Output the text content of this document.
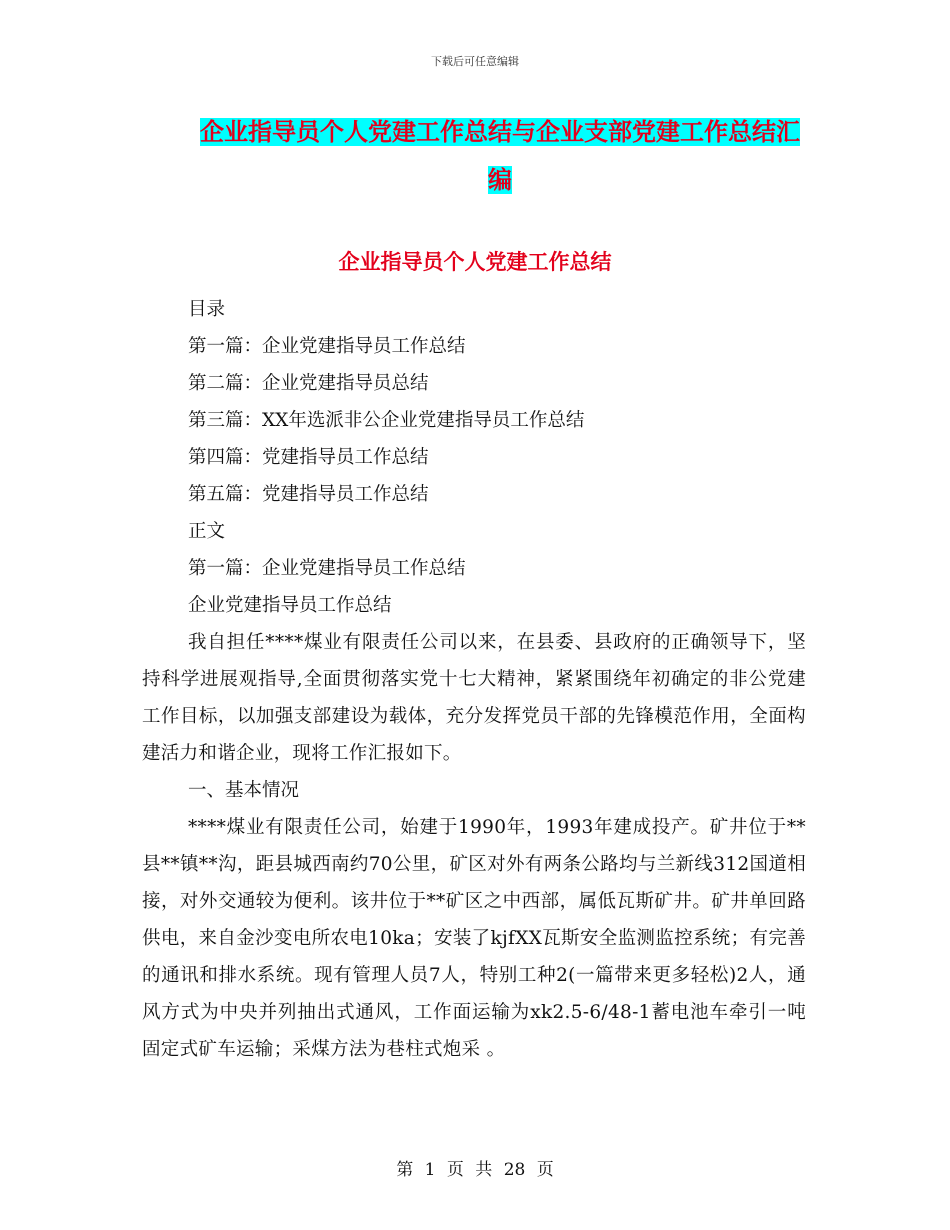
下载后可任意编辑
企业指导员个人党建工作总结与企业支部党建工作总结汇编
企业指导员个人党建工作总结

目录

第一篇：企业党建指导员工作总结

第二篇：企业党建指导员总结

第三篇：XX年选派非公企业党建指导员工作总结

第四篇：党建指导员工作总结

第五篇：党建指导员工作总结

正文

第一篇：企业党建指导员工作总结

企业党建指导员工作总结

我自担任****煤业有限责任公司以来，在县委、县政府的正确领导下，坚持科学进展观指导,全面贯彻落实党十七大精神，紧紧围绕年初确定的非公党建工作目标，以加强支部建设为载体，充分发挥党员干部的先锋模范作用，全面构建活力和谐企业，现将工作汇报如下。

一、基本情况

****煤业有限责任公司，始建于1990年，1993年建成投产。矿井位于**县**镇**沟，距县城西南约70公里，矿区对外有两条公路均与兰新线312国道相接，对外交通较为便利。该井位于**矿区之中西部，属低瓦斯矿井。矿井单回路供电，来自金沙变电所农电10ka；安装了kjfXX瓦斯安全监测监控系统；有完善的通讯和排水系统。现有管理人员7人，特别工种2(一篇带来更多轻松)2人，通风方式为中央并列抽出式通风，工作面运输为xk2.5-6/48-1蓄电池车牵引一吨固定式矿车运输；采煤方法为巷柱式炮采 。

第 1 页 共 28 页
